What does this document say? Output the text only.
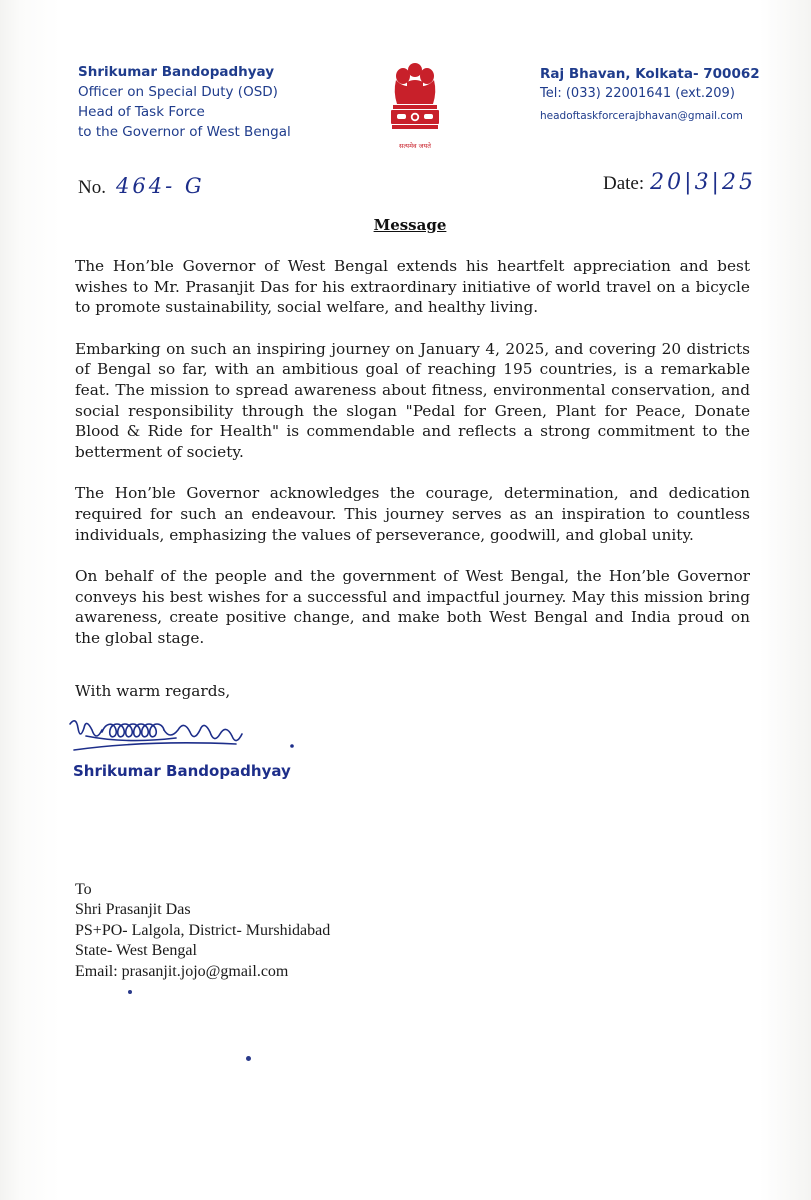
Shrikumar Bandopadhyay
Officer on Special Duty (OSD)
Head of Task Force
to the Governor of West Bengal
सत्यमेव जयते
Raj Bhavan, Kolkata- 700062
Tel: (033) 22001641 (ext.209)
headoftaskforcerajbhavan@gmail.com
No. 464- G	Date: 20|3|25
Message

The Hon’ble Governor of West Bengal extends his heartfelt appreciation and best wishes to Mr. Prasanjit Das for his extraordinary initiative of world travel on a bicycle to promote sustainability, social welfare, and healthy living.

Embarking on such an inspiring journey on January 4, 2025, and covering 20 districts of Bengal so far, with an ambitious goal of reaching 195 countries, is a remarkable feat. The mission to spread awareness about fitness, environmental conservation, and social responsibility through the slogan "Pedal for Green, Plant for Peace, Donate Blood & Ride for Health" is commendable and reflects a strong commitment to the betterment of society.

The Hon’ble Governor acknowledges the courage, determination, and dedication required for such an endeavour. This journey serves as an inspiration to countless individuals, emphasizing the values of perseverance, goodwill, and global unity.

On behalf of the people and the government of West Bengal, the Hon’ble Governor conveys his best wishes for a successful and impactful journey. May this mission bring awareness, create positive change, and make both West Bengal and India proud on the global stage.

With warm regards,
Shrikumar Bandopadhyay
To
Shri Prasanjit Das
PS+PO- Lalgola, District- Murshidabad
State- West Bengal
Email: prasanjit.jojo@gmail.com
